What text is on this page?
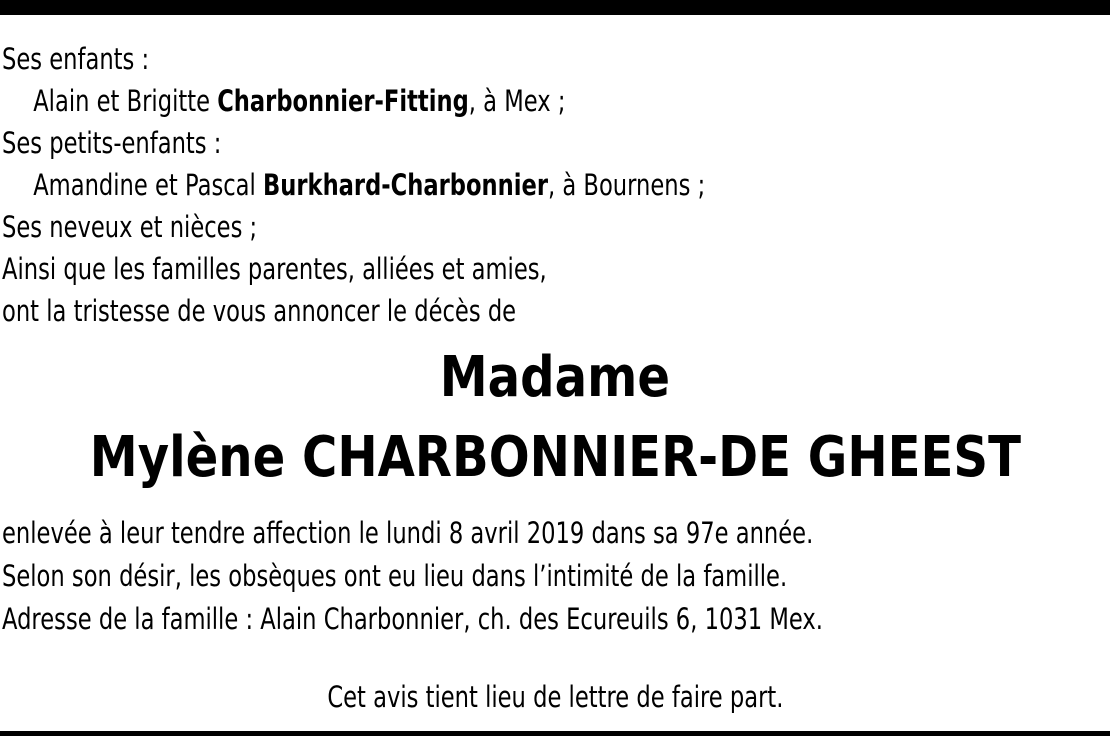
Ses enfants :
Alain et Brigitte Charbonnier-Fitting, à Mex ;
Ses petits-enfants :
Amandine et Pascal Burkhard-Charbonnier, à Bournens ;
Ses neveux et nièces ;
Ainsi que les familles parentes, alliées et amies,
ont la tristesse de vous annoncer le décès de
Madame
Mylène CHARBONNIER-DE GHEEST
enlevée à leur tendre affection le lundi 8 avril 2019 dans sa 97e année.
Selon son désir, les obsèques ont eu lieu dans l’intimité de la famille.
Adresse de la famille : Alain Charbonnier, ch. des Ecureuils 6, 1031 Mex.
Cet avis tient lieu de lettre de faire part.
